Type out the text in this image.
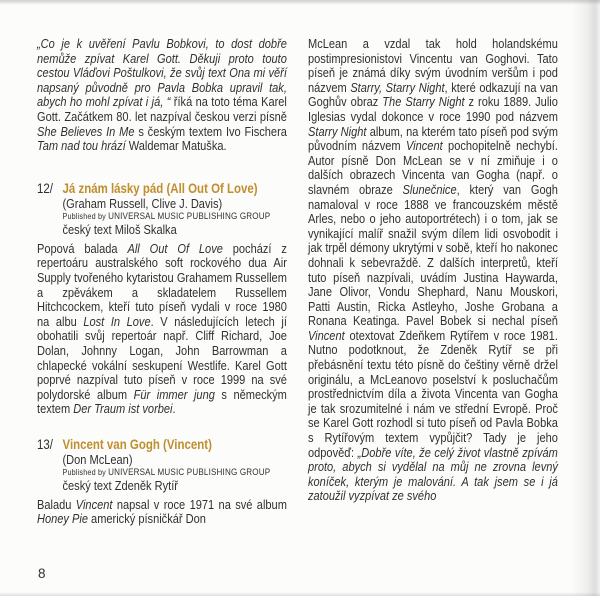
„Co je k uvěření Pavlu Bobkovi, to dost dobře nemůže zpívat Karel Gott. Děkuji proto touto cestou Vláďovi Poštulkovi, že svůj text Ona mi věří napsaný původně pro Pavla Bobka upravil tak, abych ho mohl zpívat i já, “ říká na toto téma Karel Gott. Začátkem 80. let nazpíval českou verzi písně She Believes In Me s českým textem Ivo Fischera Tam nad tou hrází Waldemar Matuška.

12/ Já znám lásky pád (All Out Of Love)
(Graham Russell, Clive J. Davis)
Published by UNIVERSAL MUSIC PUBLISHING GROUP
český text Miloš Skalka

Popová balada All Out Of Love pochází z repertoáru australského soft rockového dua Air Supply tvořeného kytaristou Grahamem Russellem a zpěvákem a skladatelem Russellem Hitchcockem, kteří tuto píseň vydali v roce 1980 na albu Lost In Love. V následujících letech jí obohatili svůj repertoár např. Cliff Richard, Joe Dolan, Johnny Logan, John Barrowman a chlapecké vokální seskupení Westlife. Karel Gott poprvé nazpíval tuto píseň v roce 1999 na své polydorské album Für immer jung s německým textem Der Traum ist vorbei.

13/ Vincent van Gogh (Vincent)
(Don McLean)
Published by UNIVERSAL MUSIC PUBLISHING GROUP
český text Zdeněk Rytíř

Baladu Vincent napsal v roce 1971 na své album Honey Pie americký písničkář Don

McLean a vzdal tak hold holandskému postimpresionistovi Vincentu van Goghovi. Tato píseň je známá díky svým úvodním veršům i pod názvem Starry, Starry Night, které odkazují na van Goghův obraz The Starry Night z roku 1889. Julio Iglesias vydal dokonce v roce 1990 pod názvem Starry Night album, na kterém tato píseň pod svým původním názvem Vincent pochopitelně nechybí. Autor písně Don McLean se v ní zmiňuje i o dalších obrazech Vincenta van Gogha (např. o slavném obraze Slunečnice, který van Gogh namaloval v roce 1888 ve francouzském městě Arles, nebo o jeho autoportrétech) i o tom, jak se vynikající malíř snažil svým dílem lidi osvobodit i jak trpěl démony ukrytými v sobě, kteří ho nakonec dohnali k sebevraždě. Z dalších interpretů, kteří tuto píseň nazpívali, uvádím Justina Haywarda, Jane Olivor, Vondu Shephard, Nanu Mouskori, Patti Austin, Ricka Astleyho, Joshe Grobana a Ronana Keatinga. Pavel Bobek si nechal píseň Vincent otextovat Zdeňkem Rytířem v roce 1981. Nutno podotknout, že Zdeněk Rytíř se při přebásnění textu této písně do češtiny věrně držel originálu, a McLeanovo poselství k posluchačům prostřednictvím díla a života Vincenta van Gogha je tak srozumitelné i nám ve střední Evropě. Proč se Karel Gott rozhodl si tuto píseň od Pavla Bobka s Rytířovým textem vypůjčit? Tady je jeho odpověď: „Dobře víte, že celý život vlastně zpívám proto, abych si vydělal na můj ne zrovna levný koníček, kterým je malování. A tak jsem se i já zatoužil vyzpívat ze svého

8
